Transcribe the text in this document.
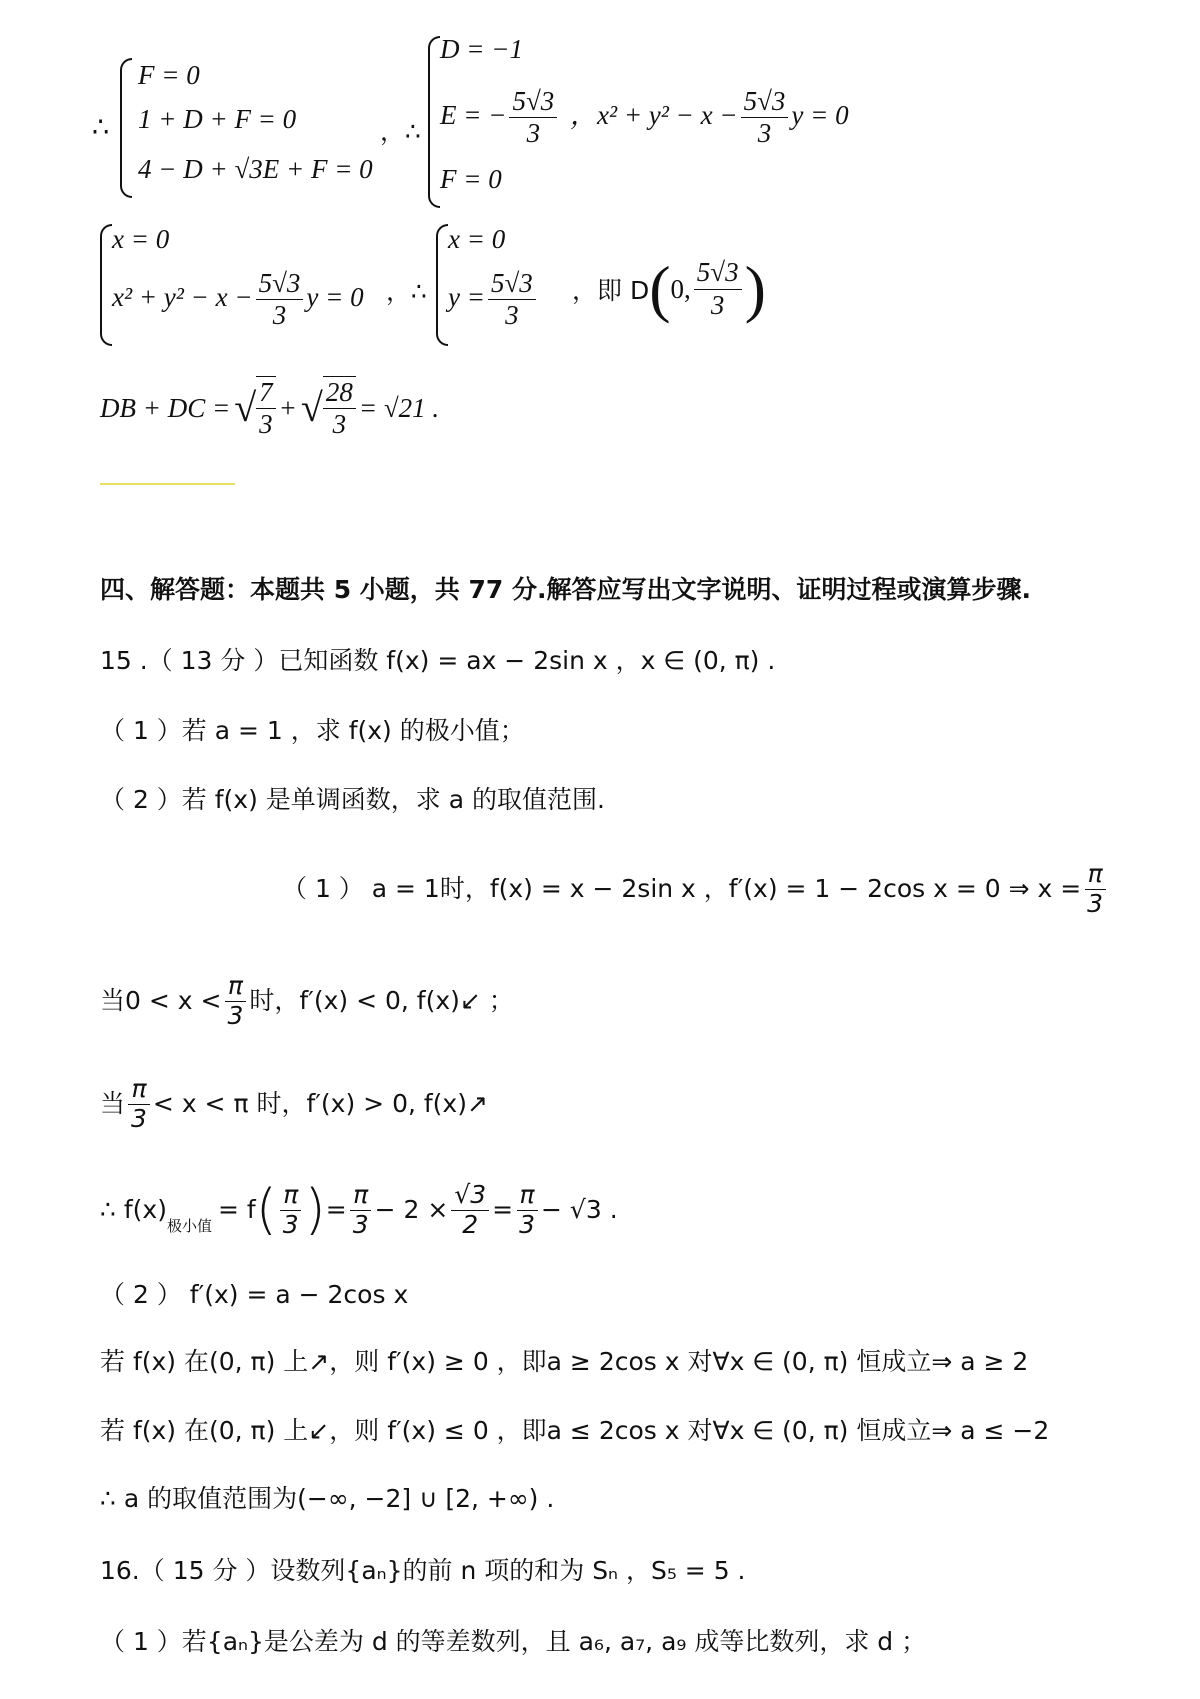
∴
F = 0
1 + D + F = 0
4 − D + √3E + F = 0
，∴
D = −1
E = − $\frac{5√3}{3}$
F = 0
，$x^2 + y^2 - x - \frac{5√3}{3}$ y = 0
x = 0
$x^2 + y^2 - x - \frac{5√3}{3}$ y = 0 ，∴
x = 0
$y = \frac{5√3}{3}$ ，即 D ( 0, $\frac{5√3}{3}$ )
DB + DC = √ $\frac{7}{3}$ + √ $\frac{28}{3} = √21$ .
四、解答题：本题共 5 小题，共 77 分.解答应写出文字说明、证明过程或演算步骤.
15 .（ 13 分 ）已知函数 f(x) = ax − 2sin x ，x ∈ (0, π) .
（ 1 ）若 a = 1 ，求 f(x) 的极小值；
（ 2 ）若 f(x) 是单调函数，求 a 的取值范围.
（ 1 ） a = 1时，f(x) = x − 2sin x ，f′(x) = 1 − 2cos x = 0 ⇒ $x = \frac{\pi}{3}$
当$0 < x < \frac{\pi}{3}$ 时，f′(x) < 0, f(x)↙ ；
当 $\frac{\pi}{3} < x < \pi$ 时，f′(x) > 0, f(x)↗
∴ f(x)
极小值
= f ( $\frac{\pi}{3}$ ) = $\frac{\pi}{3} - 2 \times \frac{√3}{2} = \frac{\pi}{3} - √3$ .
（ 2 ） f′(x) = a − 2cos x
若 f(x) 在(0, π) 上↗，则 f′(x) ≥ 0 ，即a ≥ 2cos x 对∀x ∈ (0, π) 恒成立⇒ a ≥ 2
若 f(x) 在(0, π) 上↙，则 f′(x) ≤ 0 ，即a ≤ 2cos x 对∀x ∈ (0, π) 恒成立⇒ a ≤ −2
∴ a 的取值范围为(−∞, −2] ∪ [2, +∞) .
16.（ 15 分 ）设数列{aₙ}的前 n 项的和为 Sₙ ，S₅ = 5 .
（ 1 ）若{aₙ}是公差为 d 的等差数列，且 a₆, a₇, a₉ 成等比数列，求 d ；
